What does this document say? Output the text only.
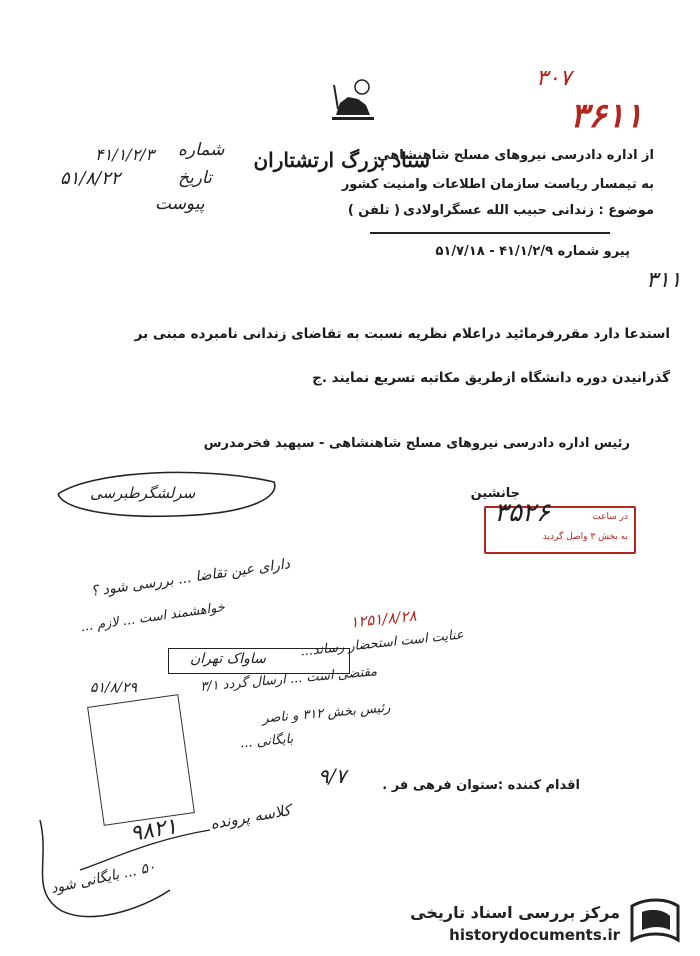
۳۰۷
۳۶۱۱
ستاد بزرگ ارتشتاران
از اداره دادرسی نیروهای مسلح شاهنشاهی
به تیمسار ریاست سازمان اطلاعات وامنیت کشور
موضوع : زندانی حبیب الله عسگراولادی
( تلفن )
شماره
۴۱/۱/۲/۳
تاریخ
۵۱/۸/۲۲
پیوست
پیرو شماره ۴۱/۱/۲/۹ - ۵۱/۷/۱۸
۳۱۱
استدعا دارد مقررفرمائید دراعلام نظریه نسبت به تقاضای زندانی نامبرده مبنی بر
گذرانیدن دوره دانشگاه ازطریق مکاتبه تسریع نمایند .ج
رئیس اداره دادرسی نیروهای مسلح شاهنشاهی - سپهبد فخرمدرس
جانشین
سرلشگرطبرسی
۳۵۲۶	در ساعت
به بخش ۳ واصل گردید
دارای عین تقاضا ... بررسی شود ؟
خواهشمند است ... لازم ...	۱۲۵۱/۸/۲۸
عنایت است استحضار رساند...
ساواک تهران
مقتضی است ... ارسال گردد ۳/۱
۵۱/۸/۲۹
رئیس بخش ۳۱۲ و ناصر
بایگانی ...
۹/۷	اقدام کننده :ستوان فرهی فر .
کلاسه پرونده
۹۸۲۱
۵۰ ... بایگانی شود
مرکز بررسی اسناد تاریخی
historydocuments.ir
